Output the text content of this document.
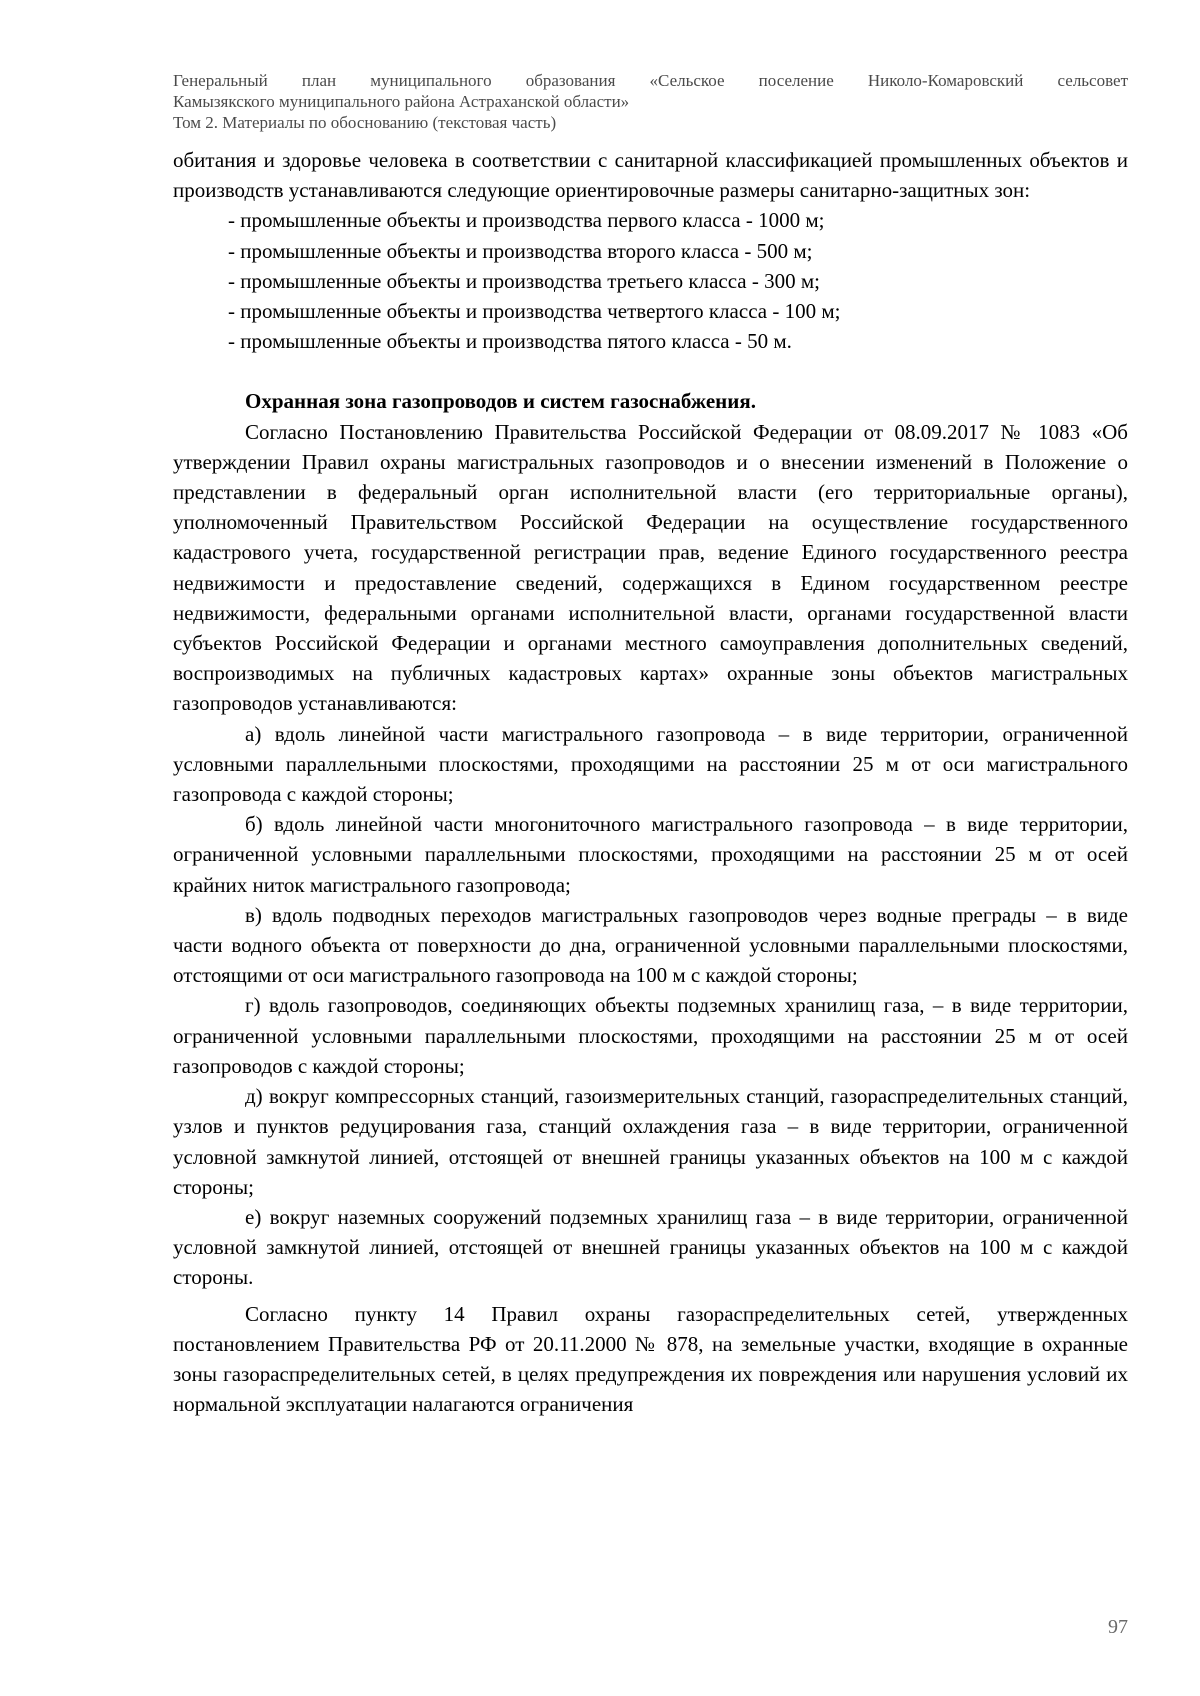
Генеральный план муниципального образования «Сельское поселение Николо-Комаровский сельсовет
Камызякского муниципального района Астраханской области»
Том 2. Материалы по обоснованию (текстовая часть)

обитания и здоровье человека в соответствии с санитарной классификацией промышленных объектов и производств устанавливаются следующие ориентировочные размеры санитарно-защитных зон:

- промышленные объекты и производства первого класса - 1000 м;

- промышленные объекты и производства второго класса - 500 м;

- промышленные объекты и производства третьего класса - 300 м;

- промышленные объекты и производства четвертого класса - 100 м;

- промышленные объекты и производства пятого класса - 50 м.

Охранная зона газопроводов и систем газоснабжения.

Согласно Постановлению Правительства Российской Федерации от 08.09.2017 № 1083 «Об утверждении Правил охраны магистральных газопроводов и о внесении изменений в Положение о представлении в федеральный орган исполнительной власти (его территориальные органы), уполномоченный Правительством Российской Федерации на осуществление государственного кадастрового учета, государственной регистрации прав, ведение Единого государственного реестра недвижимости и предоставление сведений, содержащихся в Едином государственном реестре недвижимости, федеральными органами исполнительной власти, органами государственной власти субъектов Российской Федерации и органами местного самоуправления дополнительных сведений, воспроизводимых на публичных кадастровых картах» охранные зоны объектов магистральных газопроводов устанавливаются:

а) вдоль линейной части магистрального газопровода – в виде территории, ограниченной условными параллельными плоскостями, проходящими на расстоянии 25 м от оси магистрального газопровода с каждой стороны;

б) вдоль линейной части многониточного магистрального газопровода – в виде территории, ограниченной условными параллельными плоскостями, проходящими на расстоянии 25 м от осей крайних ниток магистрального газопровода;

в) вдоль подводных переходов магистральных газопроводов через водные преграды – в виде части водного объекта от поверхности до дна, ограниченной условными параллельными плоскостями, отстоящими от оси магистрального газопровода на 100 м с каждой стороны;

г) вдоль газопроводов, соединяющих объекты подземных хранилищ газа, – в виде территории, ограниченной условными параллельными плоскостями, проходящими на расстоянии 25 м от осей газопроводов с каждой стороны;

д) вокруг компрессорных станций, газоизмерительных станций, газораспределительных станций, узлов и пунктов редуцирования газа, станций охлаждения газа – в виде территории, ограниченной условной замкнутой линией, отстоящей от внешней границы указанных объектов на 100 м с каждой стороны;

е) вокруг наземных сооружений подземных хранилищ газа – в виде территории, ограниченной условной замкнутой линией, отстоящей от внешней границы указанных объектов на 100 м с каждой стороны.

Согласно пункту 14 Правил охраны газораспределительных сетей, утвержденных постановлением Правительства РФ от 20.11.2000 № 878, на земельные участки, входящие в охранные зоны газораспределительных сетей, в целях предупреждения их повреждения или нарушения условий их нормальной эксплуатации налагаются ограничения

97
